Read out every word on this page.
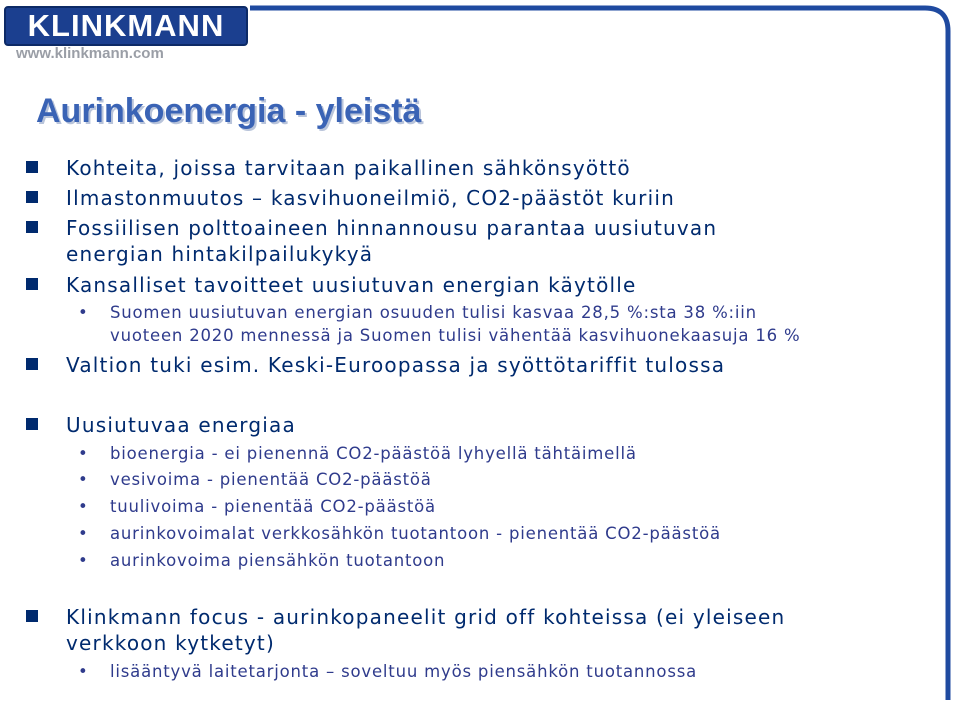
KLINKMANN
www.klinkmann.com
Aurinkoenergia - yleistä
Kohteita, joissa tarvitaan paikallinen sähkönsyöttö
Ilmastonmuutos – kasvihuoneilmiö, CO2-päästöt kuriin
Fossiilisen polttoaineen hinnannousu parantaa uusiutuvan
energian hintakilpailukykyä
Kansalliset tavoitteet uusiutuvan energian käytölle
• Suomen uusiutuvan energian osuuden tulisi kasvaa 28,5 %:sta 38 %:iin
vuoteen 2020 mennessä ja Suomen tulisi vähentää kasvihuonekaasuja 16 %
Valtion tuki esim. Keski-Euroopassa ja syöttötariffit tulossa
Uusiutuvaa energiaa
• bioenergia - ei pienennä CO2-päästöä lyhyellä tähtäimellä
• vesivoima - pienentää CO2-päästöä
• tuulivoima - pienentää CO2-päästöä
• aurinkovoimalat verkkosähkön tuotantoon - pienentää CO2-päästöä
• aurinkovoima piensähkön tuotantoon
Klinkmann focus - aurinkopaneelit grid off kohteissa (ei yleiseen
verkkoon kytketyt)
• lisääntyvä laitetarjonta – soveltuu myös piensähkön tuotannossa
